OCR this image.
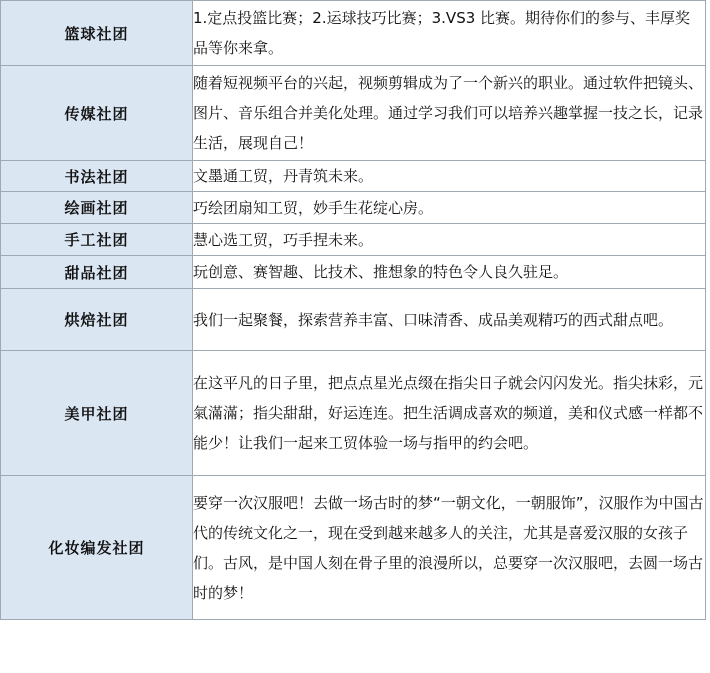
篮球社团	1.定点投篮比赛；2.运球技巧比赛；3.VS3 比赛。期待你们的参与、丰厚奖品等你来拿。
传媒社团	随着短视频平台的兴起，视频剪辑成为了一个新兴的职业。通过软件把镜头、图片、音乐组合并美化处理。通过学习我们可以培养兴趣掌握一技之长，记录生活，展现自己！
书法社团	文墨通工贸，丹青筑未来。
绘画社团	巧绘团扇知工贸，妙手生花绽心房。
手工社团	慧心选工贸，巧手捏未来。
甜品社团	玩创意、赛智趣、比技术、推想象的特色令人良久驻足。
烘焙社团	我们一起聚餐，探索营养丰富、口味清香、成品美观精巧的西式甜点吧。
美甲社团	在这平凡的日子里，把点点星光点缀在指尖日子就会闪闪发光。指尖抹彩，元氣滿滿；指尖甜甜，好运连连。把生活调成喜欢的频道，美和仪式感一样都不能少！让我们一起来工贸体验一场与指甲的约会吧。
化妆编发社团	要穿一次汉服吧！去做一场古时的梦“一朝文化，一朝服饰”，汉服作为中国古代的传统文化之一，现在受到越来越多人的关注，尤其是喜爱汉服的女孩子们。古风，是中国人刻在骨子里的浪漫所以，总要穿一次汉服吧，去圆一场古时的梦！
